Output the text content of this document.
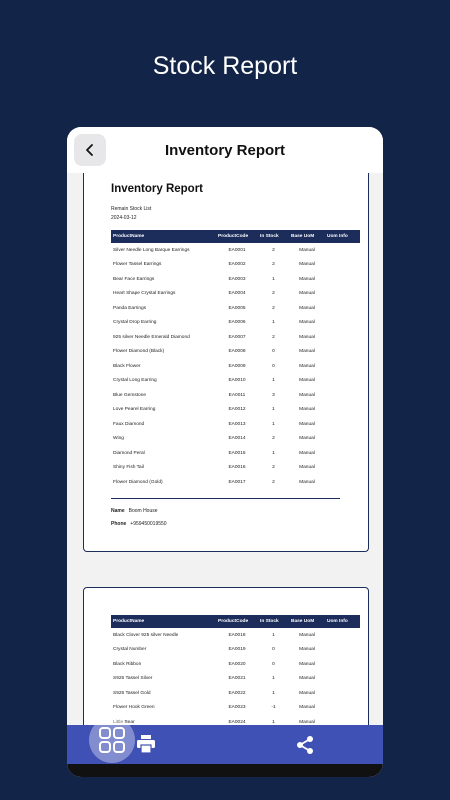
Stock Report
Inventory Report
Inventory Report
Remain Stock List
2024-03-12
ProductName	ProductCode	In Stock	Base UoM	Uom Info
Silver Needle Long Barque Earrings	EA0001	2	Manual	
Flower Tassel Earrings	EA0002	2	Manual	
Bear Face Earrings	EA0003	1	Manual	
Heart Shape Crystal Earrings	EA0004	2	Manual	
Panda Earrings	EA0005	2	Manual	
Crystal Drop Earring	EA0006	1	Manual	
925 silver Needle Emerald Diamond	EA0007	2	Manual	
Flower Diamond (Black)	EA0008	0	Manual	
Black Flower	EA0009	0	Manual	
Crystal Long Earring	EA0010	1	Manual	
Blue Gemstone	EA0011	3	Manual	
Love Pearel Earring	EA0012	1	Manual	
Faux Diamond	EA0013	1	Manual	
Wing	EA0014	2	Manual	
Diamond Peral	EA0015	1	Manual	
Shiny Fish Tail	EA0016	2	Manual	
Flower Diamond (Gold)	EA0017	2	Manual	
Name Boom House
Phone +959450019550
ProductName	ProductCode	In Stock	Base UoM	Uom Info
Black Clover 925 silver Needle	EA0018	1	Manual	
Crystal Number	EA0019	0	Manual	
Black Ribbon	EA0020	0	Manual	
S925 Tassel Silver	EA0021	1	Manual	
S925 Tassel Gold	EA0022	1	Manual	
Flower Hook Green	EA0023	-1	Manual	
Little Bear	EA0024	1	Manual	
